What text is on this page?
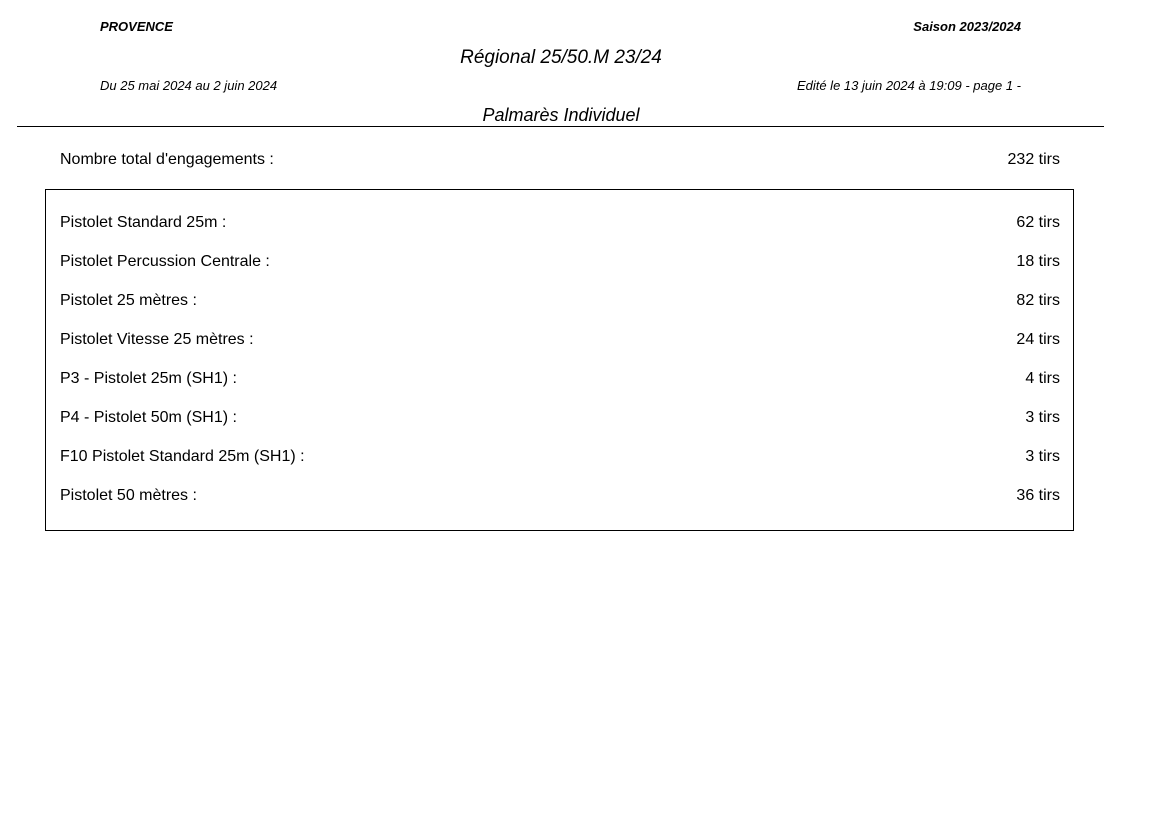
PROVENCE	Saison 2023/2024
Régional 25/50.M 23/24
Du 25 mai 2024 au 2 juin 2024	Edité le 13 juin 2024 à 19:09 - page 1 -
Palmarès Individuel
Nombre total d'engagements :	232 tirs
Pistolet Standard 25m :	62 tirs
Pistolet Percussion Centrale :	18 tirs
Pistolet 25 mètres :	82 tirs
Pistolet Vitesse 25 mètres :	24 tirs
P3 - Pistolet 25m (SH1) :	4 tirs
P4 - Pistolet 50m (SH1) :	3 tirs
F10 Pistolet Standard 25m (SH1) :	3 tirs
Pistolet 50 mètres :	36 tirs
